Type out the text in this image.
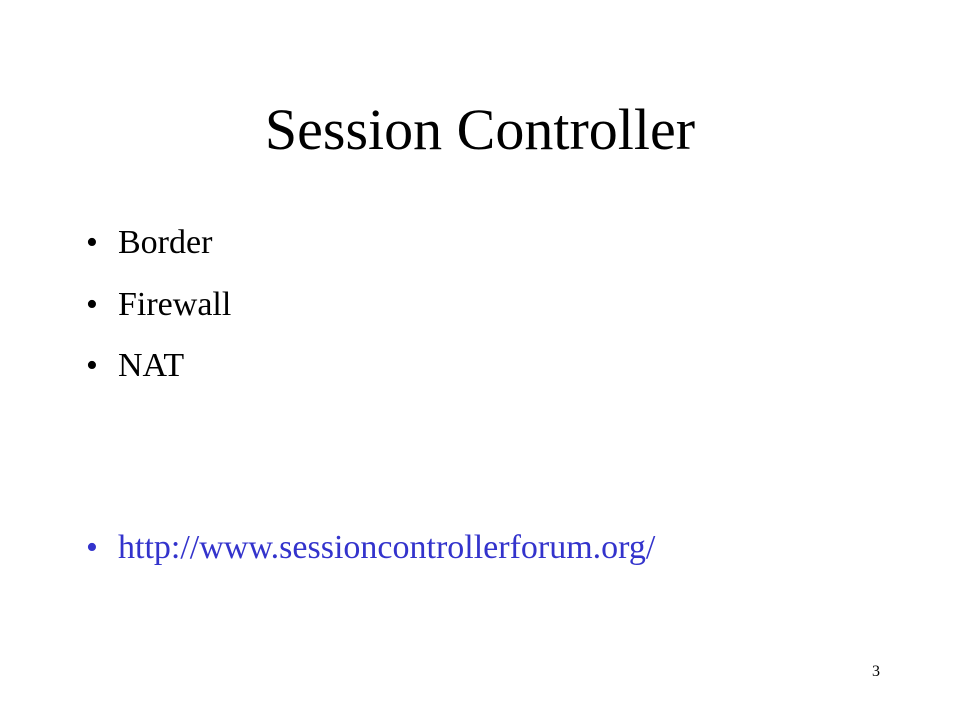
Session Controller
• Border
• Firewall
• NAT
• http://www.sessioncontrollerforum.org/
3
